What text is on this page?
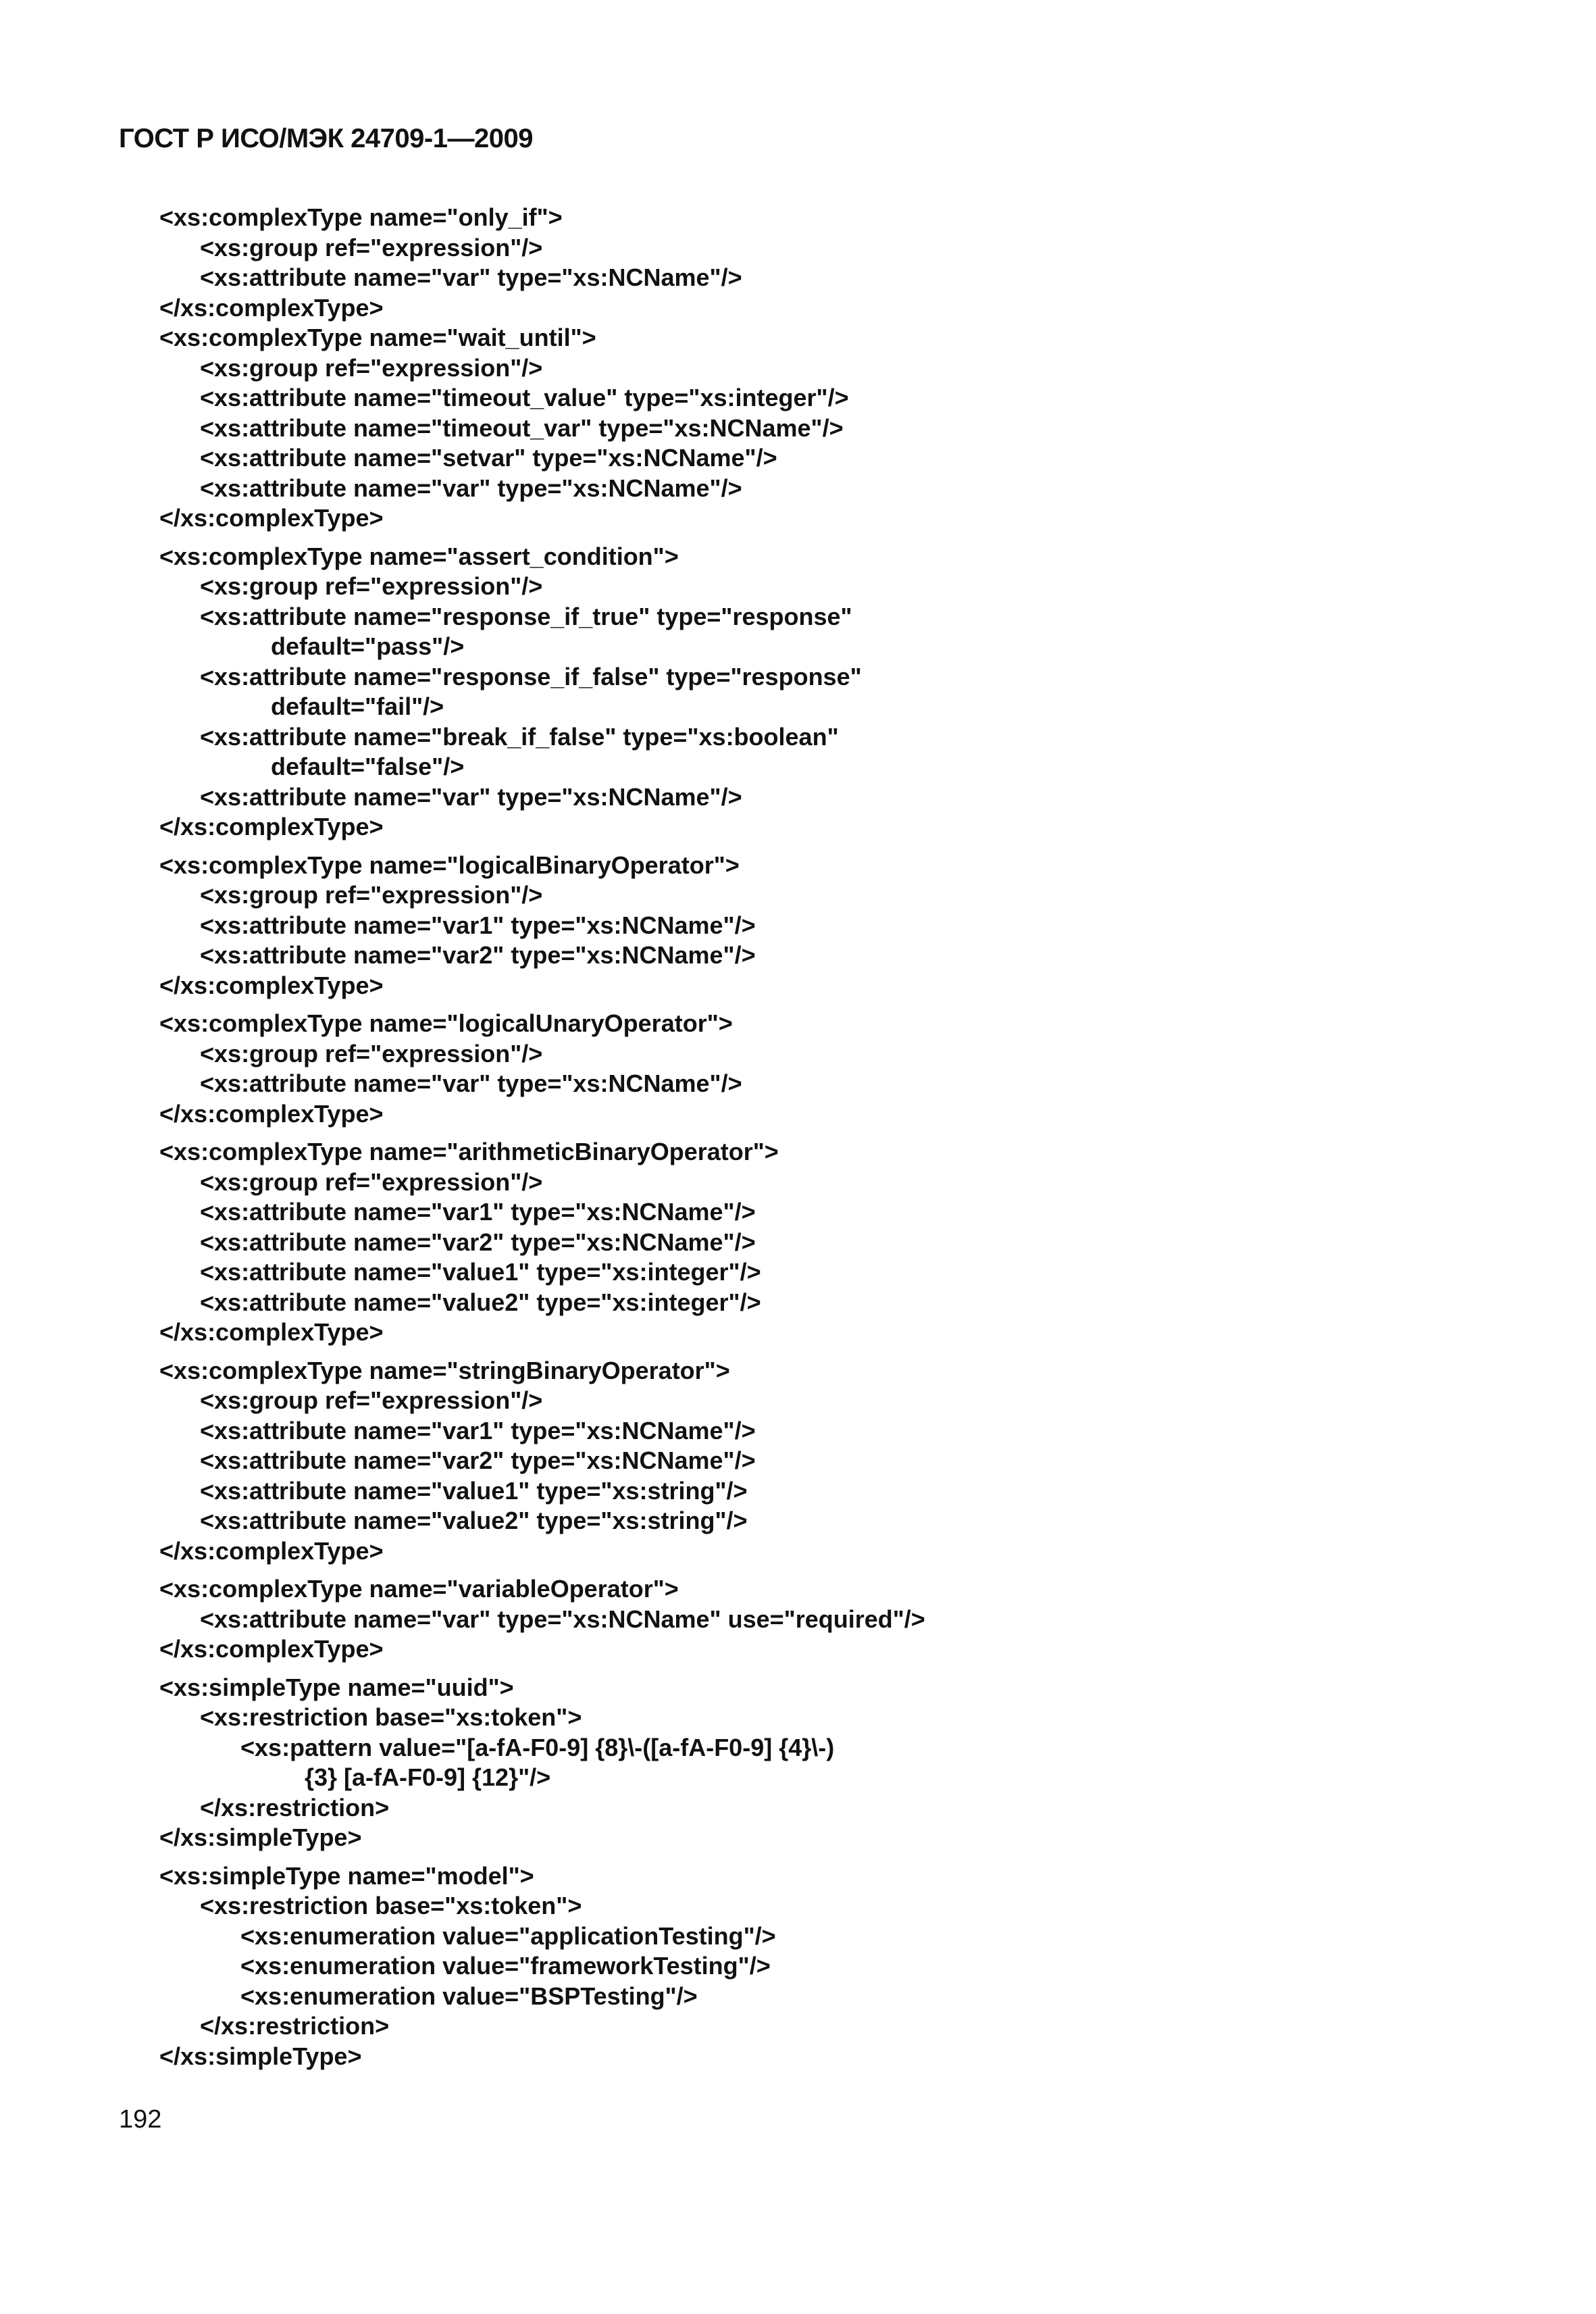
ГОСТ Р ИСО/МЭК 24709-1—2009
<xs:complexType name="only_if">
<xs:group ref="expression"/>
<xs:attribute name="var" type="xs:NCName"/>
</xs:complexType>
<xs:complexType name="wait_until">
<xs:group ref="expression"/>
<xs:attribute name="timeout_value" type="xs:integer"/>
<xs:attribute name="timeout_var" type="xs:NCName"/>
<xs:attribute name="setvar" type="xs:NCName"/>
<xs:attribute name="var" type="xs:NCName"/>
</xs:complexType>
<xs:complexType name="assert_condition">
<xs:group ref="expression"/>
<xs:attribute name="response_if_true" type="response"
default="pass"/>
<xs:attribute name="response_if_false" type="response"
default="fail"/>
<xs:attribute name="break_if_false" type="xs:boolean"
default="false"/>
<xs:attribute name="var" type="xs:NCName"/>
</xs:complexType>
<xs:complexType name="logicalBinaryOperator">
<xs:group ref="expression"/>
<xs:attribute name="var1" type="xs:NCName"/>
<xs:attribute name="var2" type="xs:NCName"/>
</xs:complexType>
<xs:complexType name="logicalUnaryOperator">
<xs:group ref="expression"/>
<xs:attribute name="var" type="xs:NCName"/>
</xs:complexType>
<xs:complexType name="arithmeticBinaryOperator">
<xs:group ref="expression"/>
<xs:attribute name="var1" type="xs:NCName"/>
<xs:attribute name="var2" type="xs:NCName"/>
<xs:attribute name="value1" type="xs:integer"/>
<xs:attribute name="value2" type="xs:integer"/>
</xs:complexType>
<xs:complexType name="stringBinaryOperator">
<xs:group ref="expression"/>
<xs:attribute name="var1" type="xs:NCName"/>
<xs:attribute name="var2" type="xs:NCName"/>
<xs:attribute name="value1" type="xs:string"/>
<xs:attribute name="value2" type="xs:string"/>
</xs:complexType>
<xs:complexType name="variableOperator">
<xs:attribute name="var" type="xs:NCName" use="required"/>
</xs:complexType>
<xs:simpleType name="uuid">
<xs:restriction base="xs:token">
<xs:pattern value="[a-fA-F0-9] {8}\-([a-fA-F0-9] {4}\-)
{3} [a-fA-F0-9] {12}"/>
</xs:restriction>
</xs:simpleType>
<xs:simpleType name="model">
<xs:restriction base="xs:token">
<xs:enumeration value="applicationTesting"/>
<xs:enumeration value="frameworkTesting"/>
<xs:enumeration value="BSPTesting"/>
</xs:restriction>
</xs:simpleType>
192
